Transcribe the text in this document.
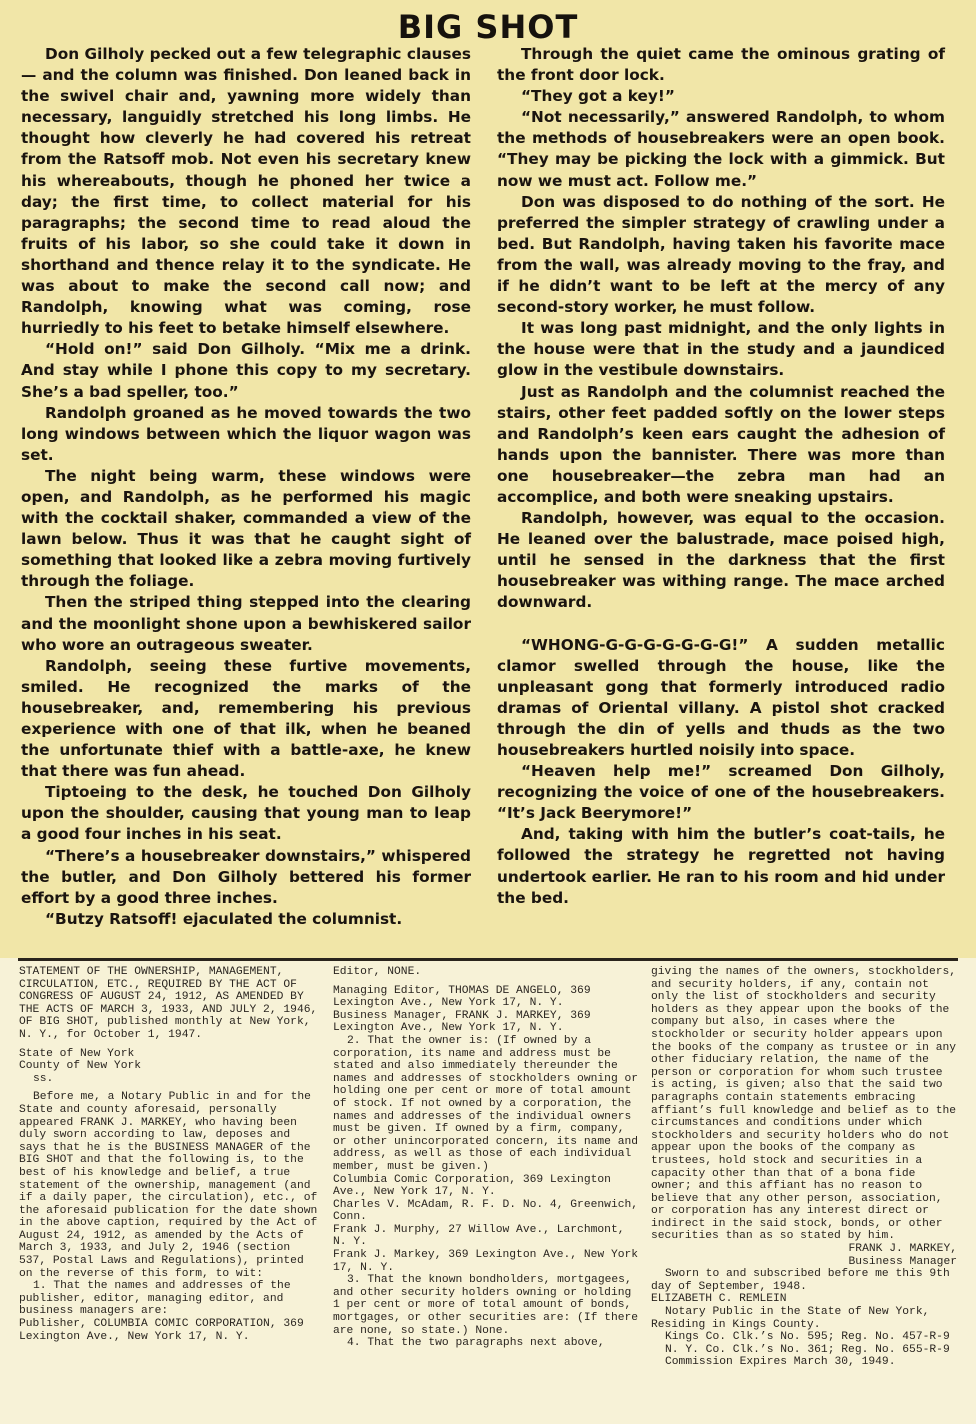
BIG SHOT

Don Gilholy pecked out a few telegraphic clauses — and the column was finished. Don leaned back in the swivel chair and, yawning more widely than necessary, languidly stretched his long limbs. He thought how cleverly he had covered his retreat from the Ratsoff mob. Not even his secretary knew his whereabouts, though he phoned her twice a day; the first time, to collect material for his paragraphs; the second time to read aloud the fruits of his labor, so she could take it down in shorthand and thence relay it to the syndicate. He was about to make the second call now; and Randolph, knowing what was coming, rose hurriedly to his feet to betake himself elsewhere.

“Hold on!” said Don Gilholy. “Mix me a drink. And stay while I phone this copy to my secretary. She’s a bad speller, too.”

Randolph groaned as he moved towards the two long windows between which the liquor wagon was set.

The night being warm, these windows were open, and Randolph, as he performed his magic with the cocktail shaker, commanded a view of the lawn below. Thus it was that he caught sight of something that looked like a zebra moving furtively through the foliage.

Then the striped thing stepped into the clearing and the moonlight shone upon a bewhiskered sailor who wore an outrageous sweater.

Randolph, seeing these furtive movements, smiled. He recognized the marks of the housebreaker, and, remembering his previous experience with one of that ilk, when he beaned the unfortunate thief with a battle-axe, he knew that there was fun ahead.

Tiptoeing to the desk, he touched Don Gilholy upon the shoulder, causing that young man to leap a good four inches in his seat.

“There’s a housebreaker downstairs,” whispered the butler, and Don Gilholy bettered his former effort by a good three inches.

“Butzy Ratsoff! ejaculated the columnist.

Through the quiet came the ominous grating of the front door lock.

“They got a key!”

“Not necessarily,” answered Randolph, to whom the methods of housebreakers were an open book. “They may be picking the lock with a gimmick. But now we must act. Follow me.”

Don was disposed to do nothing of the sort. He preferred the simpler strategy of crawling under a bed. But Randolph, having taken his favorite mace from the wall, was already moving to the fray, and if he didn’t want to be left at the mercy of any second-story worker, he must follow.

It was long past midnight, and the only lights in the house were that in the study and a jaundiced glow in the vestibule downstairs.

Just as Randolph and the columnist reached the stairs, other feet padded softly on the lower steps and Randolph’s keen ears caught the adhesion of hands upon the bannister. There was more than one housebreaker—the zebra man had an accomplice, and both were sneaking upstairs.

Randolph, however, was equal to the occasion. He leaned over the balustrade, mace poised high, until he sensed in the darkness that the first housebreaker was withing range. The mace arched downward.

“WHONG-G-G-G-G-G-G-G!” A sudden metallic clamor swelled through the house, like the unpleasant gong that formerly introduced radio dramas of Oriental villany. A pistol shot cracked through the din of yells and thuds as the two housebreakers hurtled noisily into space.

“Heaven help me!” screamed Don Gilholy, recognizing the voice of one of the housebreakers. “It’s Jack Beerymore!”

And, taking with him the butler’s coat-tails, he followed the strategy he regretted not having undertook earlier. He ran to his room and hid under the bed.

STATEMENT OF THE OWNERSHIP, MANAGEMENT, CIRCULATION, ETC., REQUIRED BY THE ACT OF CONGRESS OF AUGUST 24, 1912, AS AMENDED BY THE ACTS OF MARCH 3, 1933, AND JULY 2, 1946, OF BIG SHOT, published monthly at New York, N. Y., for October 1, 1947.

State of New York

County of New York

ss.

Before me, a Notary Public in and for the State and county aforesaid, personally appeared FRANK J. MARKEY, who having been duly sworn according to law, deposes and says that he is the BUSINESS MANAGER of the BIG SHOT and that the following is, to the best of his knowledge and belief, a true statement of the ownership, management (and if a daily paper, the circulation), etc., of the aforesaid publication for the date shown in the above caption, required by the Act of August 24, 1912, as amended by the Acts of March 3, 1933, and July 2, 1946 (section 537, Postal Laws and Regulations), printed on the reverse of this form, to wit:

1. That the names and addresses of the publisher, editor, managing editor, and business managers are:

Publisher, COLUMBIA COMIC CORPORATION, 369 Lexington Ave., New York 17, N. Y.

Editor, NONE.

Managing Editor, THOMAS DE ANGELO, 369 Lexington Ave., New York 17, N. Y.

Business Manager, FRANK J. MARKEY, 369 Lexington Ave., New York 17, N. Y.

2. That the owner is: (If owned by a corporation, its name and address must be stated and also immediately thereunder the names and addresses of stockholders owning or holding one per cent or more of total amount of stock. If not owned by a corporation, the names and addresses of the individual owners must be given. If owned by a firm, company, or other unincorporated concern, its name and address, as well as those of each individual member, must be given.)

Columbia Comic Corporation, 369 Lexington Ave., New York 17, N. Y.

Charles V. McAdam, R. F. D. No. 4, Greenwich, Conn.

Frank J. Murphy, 27 Willow Ave., Larchmont, N. Y.

Frank J. Markey, 369 Lexington Ave., New York 17, N. Y.

3. That the known bondholders, mortgagees, and other security holders owning or holding 1 per cent or more of total amount of bonds, mortgages, or other securities are: (If there are none, so state.) None.

4. That the two paragraphs next above,

giving the names of the owners, stockholders, and security holders, if any, contain not only the list of stockholders and security holders as they appear upon the books of the company but also, in cases where the stockholder or security holder appears upon the books of the company as trustee or in any other fiduciary relation, the name of the person or corporation for whom such trustee is acting, is given; also that the said two paragraphs contain statements embracing affiant’s full knowledge and belief as to the circumstances and conditions under which stockholders and security holders who do not appear upon the books of the company as trustees, hold stock and securities in a capacity other than that of a bona fide owner; and this affiant has no reason to believe that any other person, association, or corporation has any interest direct or indirect in the said stock, bonds, or other securities than as so stated by him.

FRANK J. MARKEY,

Business Manager

Sworn to and subscribed before me this 9th day of September, 1948.

ELIZABETH C. REMLEIN

Notary Public in the State of New York, Residing in Kings County.

Kings Co. Clk.’s No. 595; Reg. No. 457-R-9

N. Y. Co. Clk.’s No. 361; Reg. No. 655-R-9

Commission Expires March 30, 1949.
